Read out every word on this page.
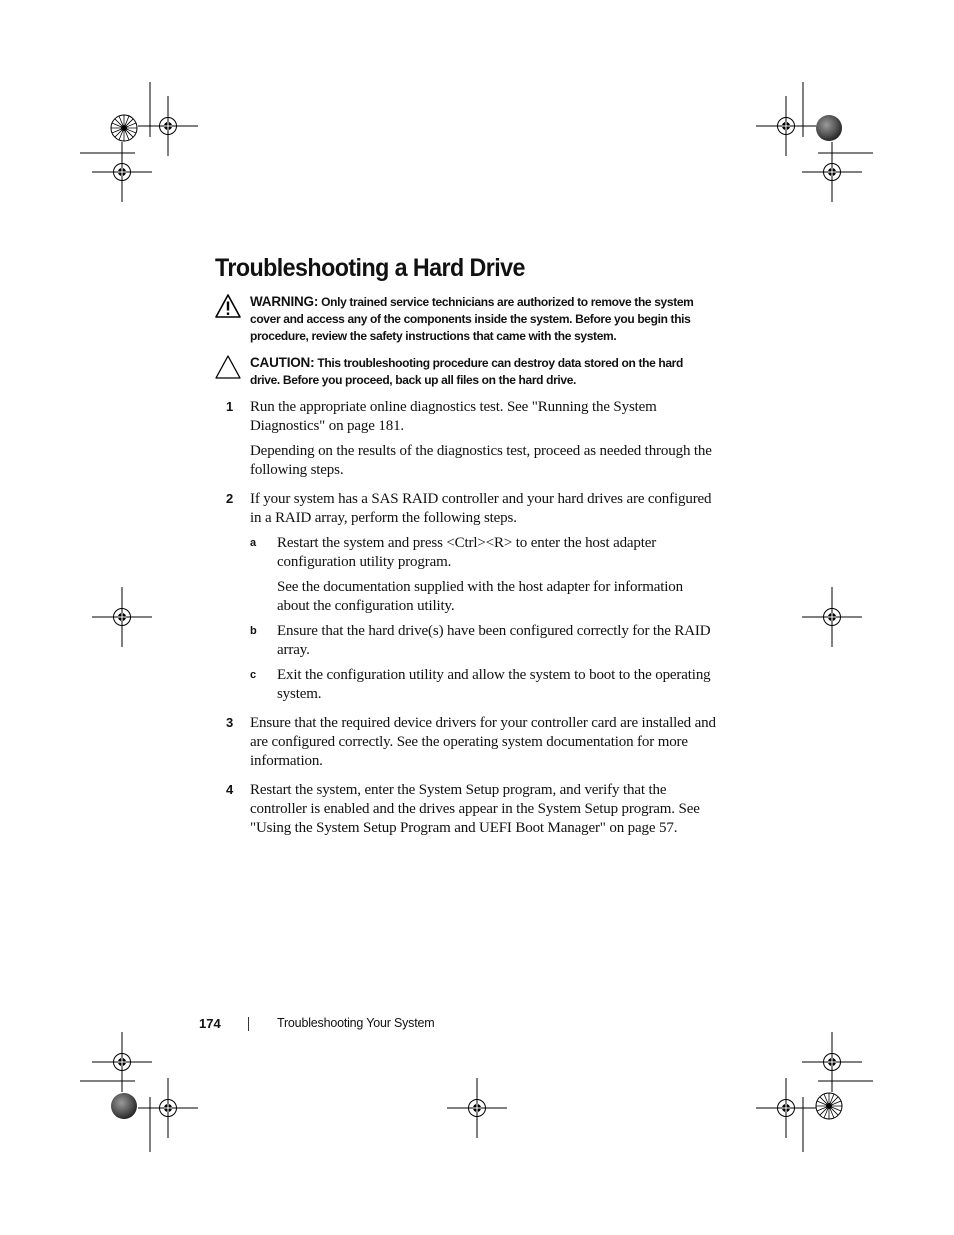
Troubleshooting a Hard Drive
WARNING: Only trained service technicians are authorized to remove the system cover and access any of the components inside the system. Before you begin this procedure, review the safety instructions that came with the system.
CAUTION: This troubleshooting procedure can destroy data stored on the hard drive. Before you proceed, back up all files on the hard drive.
1 Run the appropriate online diagnostics test. See "Running the System Diagnostics" on page 181.

Depending on the results of the diagnostics test, proceed as needed through the following steps.

2 If your system has a SAS RAID controller and your hard drives are configured in a RAID array, perform the following steps.

a Restart the system and press <Ctrl><R> to enter the host adapter configuration utility program.

See the documentation supplied with the host adapter for information about the configuration utility.

b Ensure that the hard drive(s) have been configured correctly for the RAID array.

c Exit the configuration utility and allow the system to boot to the operating system.

3 Ensure that the required device drivers for your controller card are installed and are configured correctly. See the operating system documentation for more information.

4 Restart the system, enter the System Setup program, and verify that the controller is enabled and the drives appear in the System Setup program. See "Using the System Setup Program and UEFI Boot Manager" on page 57.

174	Troubleshooting Your System
